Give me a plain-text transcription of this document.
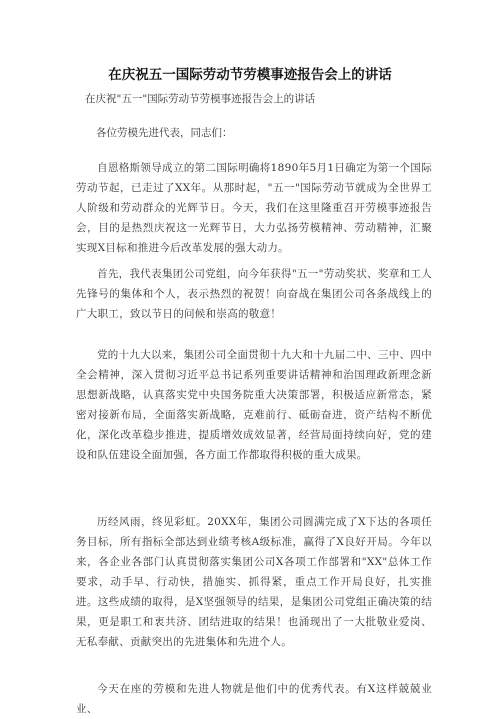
在庆祝五一国际劳动节劳模事迹报告会上的讲话
在庆祝"五一"国际劳动节劳模事迹报告会上的讲话
各位劳模先进代表，同志们：

自恩格斯领导成立的第二国际明确将1890年5月1日确定为第一个国际劳动节起，已走过了XX年。从那时起，"五一"国际劳动节就成为全世界工人阶级和劳动群众的光辉节日。今天，我们在这里隆重召开劳模事迹报告会，目的是热烈庆祝这一光辉节日，大力弘扬劳模精神、劳动精神，汇聚实现X目标和推进今后改革发展的强大动力。

首先，我代表集团公司党组，向今年获得"五一"劳动奖状、奖章和工人先锋号的集体和个人，表示热烈的祝贺！向奋战在集团公司各条战线上的广大职工，致以节日的问候和崇高的敬意！

党的十九大以来，集团公司全面贯彻十九大和十九届二中、三中、四中全会精神，深入贯彻习近平总书记系列重要讲话精神和治国理政新理念新思想新战略，认真落实党中央国务院重大决策部署，积极适应新常态，紧密对接新布局，全面落实新战略，克难前行、砥砺奋进，资产结构不断优化，深化改革稳步推进，提质增效成效显著，经营局面持续向好，党的建设和队伍建设全面加强，各方面工作都取得积极的重大成果。

历经风雨，终见彩虹。20XX年，集团公司圆满完成了X下达的各项任务目标，所有指标全部达到业绩考核A级标准，赢得了X良好开局。今年以来，各企业各部门认真贯彻落实集团公司X各项工作部署和"XX"总体工作要求，动手早、行动快，措施实、抓得紧，重点工作开局良好，扎实推进。这些成绩的取得，是X坚强领导的结果，是集团公司党组正确决策的结果，更是职工和衷共济、团结进取的结果！也涌现出了一大批敬业爱岗、无私奉献、贡献突出的先进集体和先进个人。

今天在座的劳模和先进人物就是他们中的优秀代表。有X这样兢兢业业、
